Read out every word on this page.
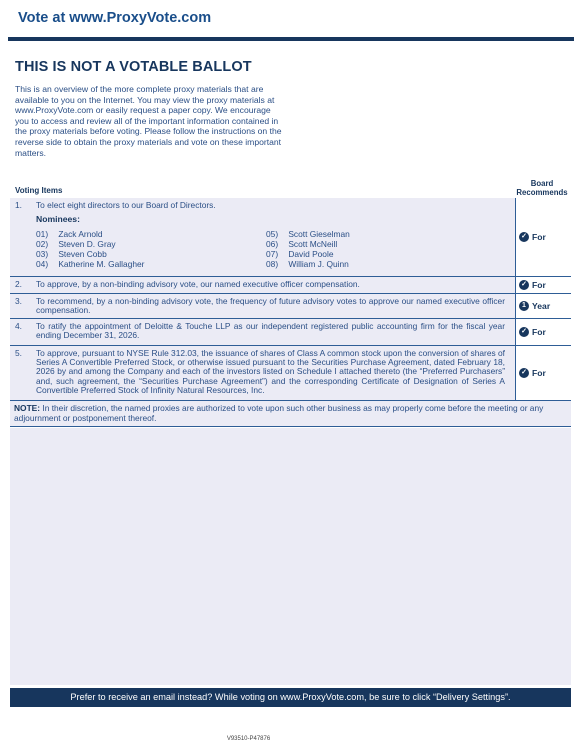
Vote at www.ProxyVote.com
THIS IS NOT A VOTABLE BALLOT
This is an overview of the more complete proxy materials that are available to you on the Internet. You may view the proxy materials at www.ProxyVote.com or easily request a paper copy. We encourage you to access and review all of the important information contained in the proxy materials before voting. Please follow the instructions on the reverse side to obtain the proxy materials and vote on these important matters.
Voting Items
Board Recommends
1.	To elect eight directors to our Board of Directors.
Nominees:
01) Zack Arnold	05) Scott Gieselman
02) Steven D. Gray	06) Scott McNeill
03) Steven Cobb	07) David Poole
04) Katherine M. Gallagher	08) William J. Quinn
✓ For
2.	To approve, by a non-binding advisory vote, our named executive officer compensation.	✓ For
3.	To recommend, by a non-binding advisory vote, the frequency of future advisory votes to approve our named executive officer compensation.	1 Year
4.	To ratify the appointment of Deloitte & Touche LLP as our independent registered public accounting firm for the fiscal year ending December 31, 2026.	✓ For
5.	To approve, pursuant to NYSE Rule 312.03, the issuance of shares of Class A common stock upon the conversion of shares of Series A Convertible Preferred Stock, or otherwise issued pursuant to the Securities Purchase Agreement, dated February 18, 2026 by and among the Company and each of the investors listed on Schedule I attached thereto (the “Preferred Purchasers” and, such agreement, the “Securities Purchase Agreement”) and the corresponding Certificate of Designation of Series A Convertible Preferred Stock of Infinity Natural Resources, Inc.
✓ For
NOTE: In their discretion, the named proxies are authorized to vote upon such other business as may properly come before the meeting or any adjournment or postponement thereof.
Prefer to receive an email instead? While voting on www.ProxyVote.com, be sure to click “Delivery Settings”.
V93510-P47876
